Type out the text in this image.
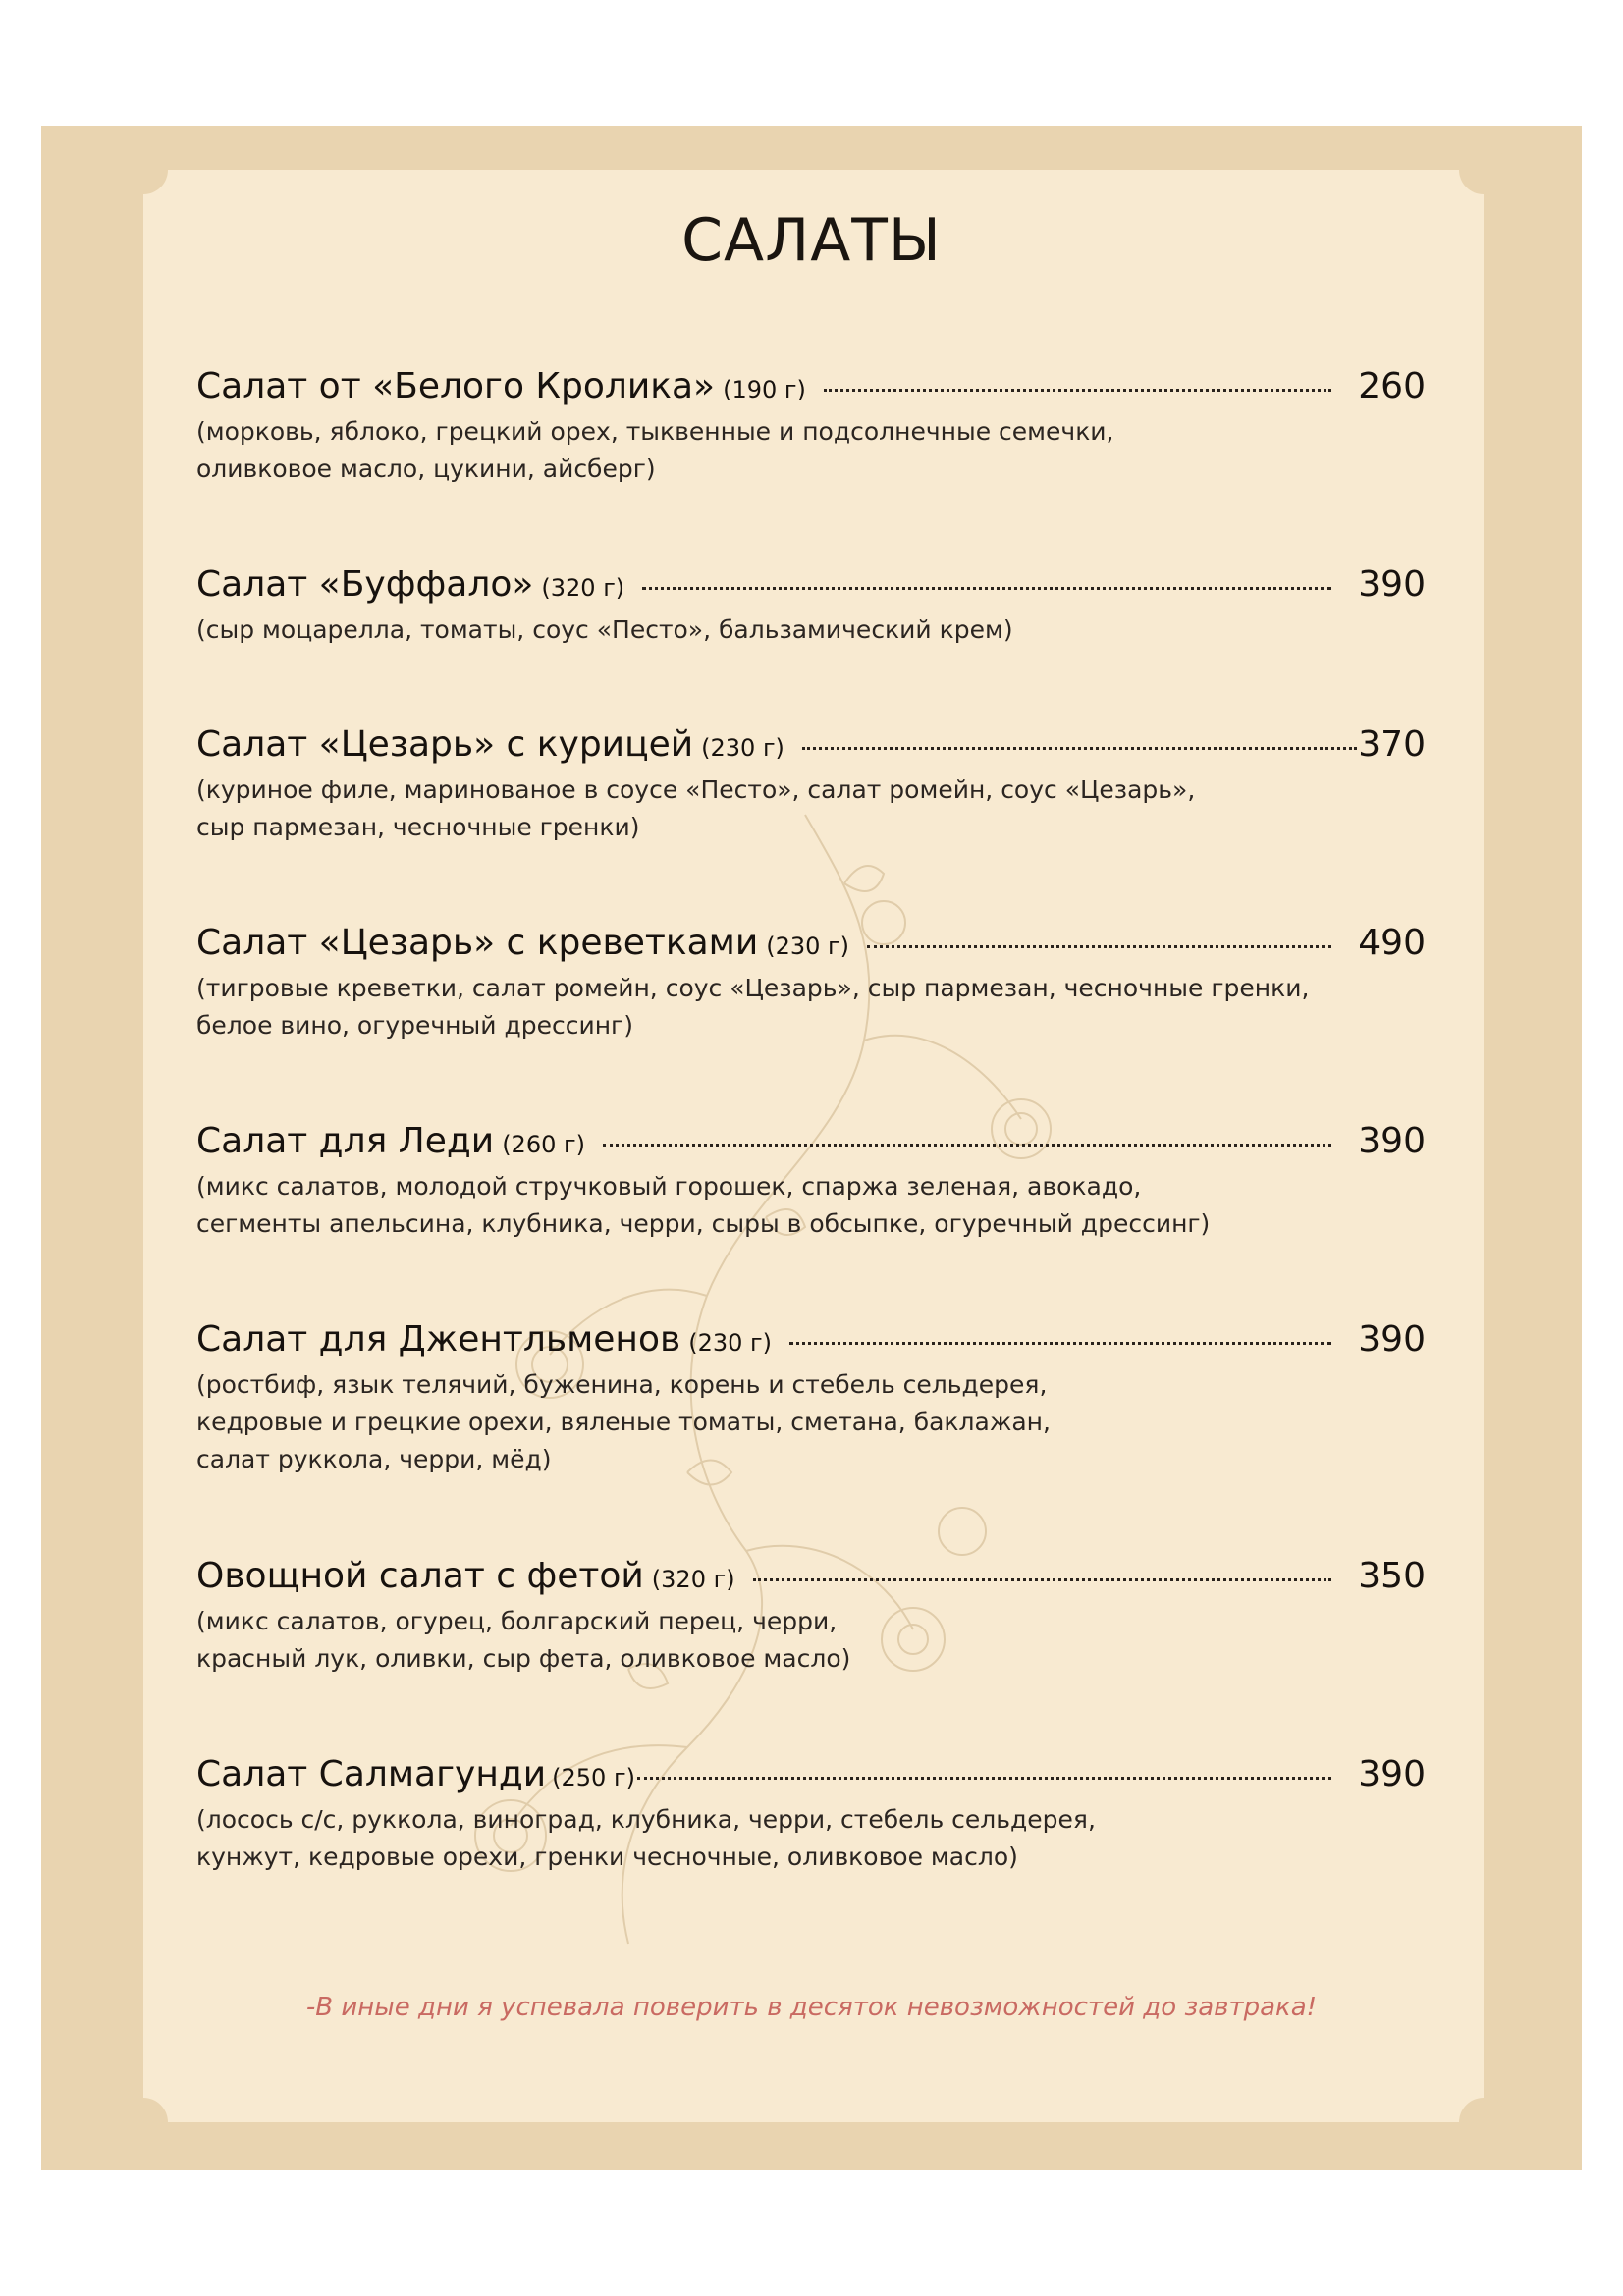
САЛАТЫ
Салат от «Белого Кролика» (190 г)	260
(морковь, яблоко, грецкий орех, тыквенные и подсолнечные семечки,
оливковое масло, цукини, айсберг)
Салат «Буффало» (320 г)	390
(сыр моцарелла, томаты, соус «Песто», бальзамический крем)
Салат «Цезарь» с курицей (230 г)	370
(куриное филе, маринованое в соусе «Песто», салат ромейн, соус «Цезарь»,
сыр пармезан, чесночные гренки)
Салат «Цезарь» с креветками (230 г)	490
(тигровые креветки, салат ромейн, соус «Цезарь», сыр пармезан, чесночные гренки,
белое вино, огуречный дрессинг)
Салат для Леди (260 г)	390
(микс салатов, молодой стручковый горошек, спаржа зеленая, авокадо,
сегменты апельсина, клубника, черри, сыры в обсыпке, огуречный дрессинг)
Салат для Джентльменов (230 г)	390
(ростбиф, язык телячий, буженина, корень и стебель сельдерея,
кедровые и грецкие орехи, вяленые томаты, сметана, баклажан,
салат руккола, черри, мёд)
Овощной салат с фетой (320 г)	350
(микс салатов, огурец, болгарский перец, черри,
красный лук, оливки, сыр фета, оливковое масло)
Салат Салмагунди (250 г)	390
(лосось с/с, руккола, виноград, клубника, черри, стебель сельдерея,
кунжут, кедровые орехи, гренки чесночные, оливковое масло)
-В иные дни я успевала поверить в десяток невозможностей до завтрака!
